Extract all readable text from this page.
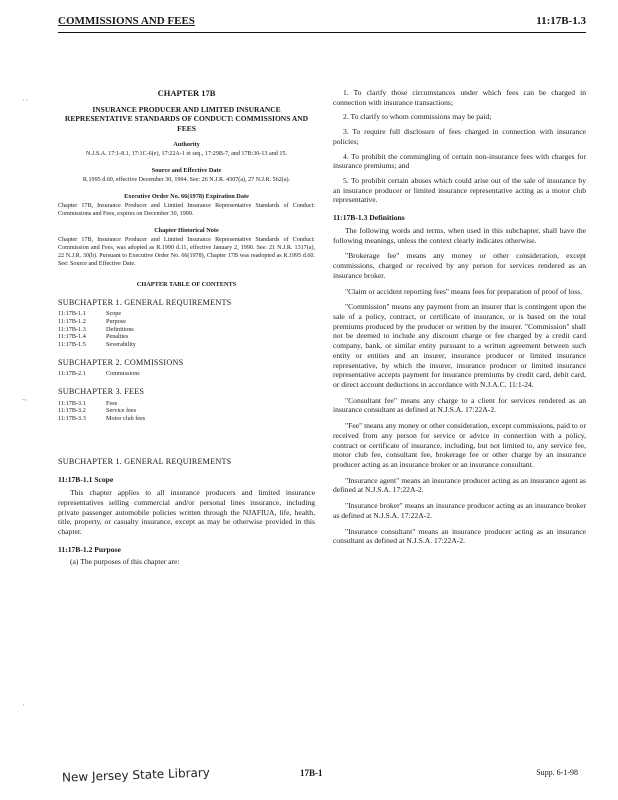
COMMISSIONS AND FEES	11:17B-1.3
··
~
·
CHAPTER 17B
INSURANCE PRODUCER AND LIMITED INSURANCE REPRESENTATIVE STANDARDS OF CONDUCT: COMMISSIONS AND FEES
Authority
N.J.S.A. 17:1-8.1, 17:1C-6(e), 17:22A-1 et seq., 17:29B-7, and 17B:30-13 and 15.
Source and Effective Date
R.1995 d.60, effective December 30, 1994. See: 26 N.J.R. 4307(a), 27 N.J.R. 562(a).
Executive Order No. 66(1978) Expiration Date
Chapter 17B, Insurance Producer and Limited Insurance Representative Standards of Conduct: Commissions and Fees, expires on December 30, 1999.
Chapter Historical Note
Chapter 17B, Insurance Producer and Limited Insurance Representative Standards of Conduct: Commission and Fees, was adopted as R.1990 d.11, effective January 2, 1990. See: 21 N.J.R. 1317(a), 22 N.J.R. 30(b). Pursuant to Executive Order No. 66(1978), Chapter 17B was readopted as R.1995 d.60. See: Source and Effective Date.
CHAPTER TABLE OF CONTENTS
SUBCHAPTER 1. GENERAL REQUIREMENTS
11:17B-1.1	Scope
11:17B-1.2	Purpose
11:17B-1.3	Definitions
11:17B-1.4	Penalties
11:17B-1.5	Severability
SUBCHAPTER 2. COMMISSIONS
11:17B-2.1	Commissions
SUBCHAPTER 3. FEES
11:17B-3.1	Fees
11:17B-3.2	Service fees
11:17B-3.3	Motor club fees
SUBCHAPTER 1. GENERAL REQUIREMENTS
11:17B-1.1 Scope

This chapter applies to all insurance producers and limited insurance representatives selling commercial and/or personal lines insurance, including private passenger automobile policies written through the NJAFIUA, life, health, title, property, or casualty insurance, except as may be otherwise provided in this chapter.

11:17B-1.2 Purpose

(a) The purposes of this chapter are:

1. To clarify those circumstances under which fees can be charged in connection with insurance transactions;

2. To clarify to whom commissions may be paid;

3. To require full disclosure of fees charged in connection with insurance policies;

4. To prohibit the commingling of certain non-insurance fees with charges for insurance premiums; and

5. To prohibit certain abuses which could arise out of the sale of insurance by an insurance producer or limited insurance representative acting as a motor club representative.

11:17B-1.3 Definitions

The following words and terms, when used in this subchapter, shall have the following meanings, unless the context clearly indicates otherwise.

"Brokerage fee" means any money or other consideration, except commissions, charged or received by any person for services rendered as an insurance broker.

"Claim or accident reporting fees" means fees for preparation of proof of loss.

"Commission" means any payment from an insurer that is contingent upon the sale of a policy, contract, or certificate of insurance, or is based on the total premiums produced by the producer or written by the insurer. "Commission" shall not be deemed to include any discount charge or fee charged by a credit card company, bank, or similar entity pursuant to a written agreement between such entity or entities and an insurer, insurance producer or limited insurance representative, by which the insurer, insurance producer or limited insurance representative accepts payment for insurance premiums by credit card, debit card, or direct account deductions in accordance with N.J.A.C. 11:1-24.

"Consultant fee" means any charge to a client for services rendered as an insurance consultant as defined at N.J.S.A. 17:22A-2.

"Fee" means any money or other consideration, except commissions, paid to or received from any person for service or advice in connection with a policy, contract or certificate of insurance, including, but not limited to, any service fee, motor club fee, consultant fee, brokerage fee or other charge by an insurance producer acting as an insurance broker or an insurance consultant.

"Insurance agent" means an insurance producer acting as an insurance agent as defined at N.J.S.A. 17:22A-2.

"Insurance broker" means an insurance producer acting as an insurance broker as defined at N.J.S.A. 17:22A-2.

"Insurance consultant" means an insurance producer acting as an insurance consultant as defined at N.J.S.A. 17:22A-2.

New Jersey State Library	17B-1	Supp. 6-1-98
